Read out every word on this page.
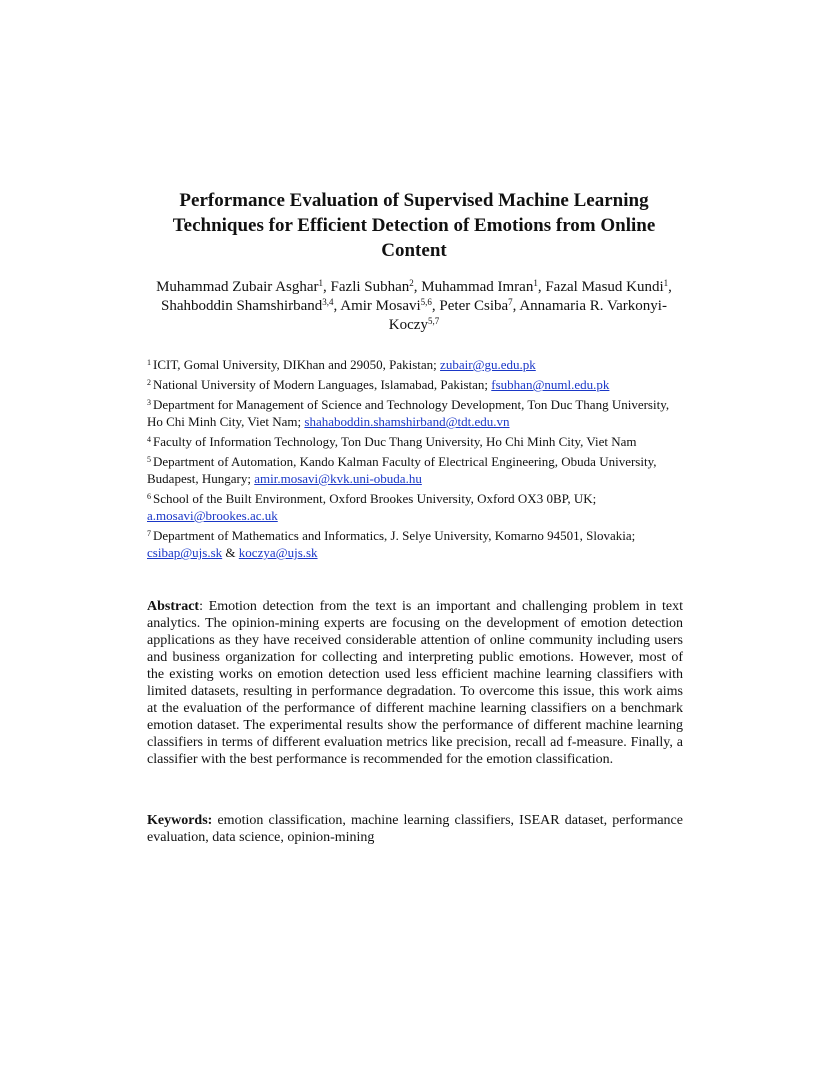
Performance Evaluation of Supervised Machine Learning Techniques for Efficient Detection of Emotions from Online Content
Muhammad Zubair Asghar$^1$, Fazli Subhan$^2$, Muhammad Imran$^1$, Fazal Masud Kundi$^1$, Shahboddin Shamshirband$^{3,4}$, Amir Mosavi$^{5,6}$, Peter Csiba$^7$, Annamaria R. Varkonyi-Koczy$^{5,7}$
$^1$ ICIT, Gomal University, DIKhan and 29050, Pakistan; zubair@gu.edu.pk
$^2$ National University of Modern Languages, Islamabad, Pakistan; fsubhan@numl.edu.pk
$^3$ Department for Management of Science and Technology Development, Ton Duc Thang University, Ho Chi Minh City, Viet Nam; shahaboddin.shamshirband@tdt.edu.vn
$^4$ Faculty of Information Technology, Ton Duc Thang University, Ho Chi Minh City, Viet Nam
$^5$ Department of Automation, Kando Kalman Faculty of Electrical Engineering, Obuda University, Budapest, Hungary; amir.mosavi@kvk.uni-obuda.hu
$^6$ School of the Built Environment, Oxford Brookes University, Oxford OX3 0BP, UK; a.mosavi@brookes.ac.uk
$^7$ Department of Mathematics and Informatics, J. Selye University, Komarno 94501, Slovakia; csibap@ujs.sk & koczya@ujs.sk
Abstract: Emotion detection from the text is an important and challenging problem in text analytics. The opinion-mining experts are focusing on the development of emotion detection applications as they have received considerable attention of online community including users and business organization for collecting and interpreting public emotions. However, most of the existing works on emotion detection used less efficient machine learning classifiers with limited datasets, resulting in performance degradation. To overcome this issue, this work aims at the evaluation of the performance of different machine learning classifiers on a benchmark emotion dataset. The experimental results show the performance of different machine learning classifiers in terms of different evaluation metrics like precision, recall ad f-measure. Finally, a classifier with the best performance is recommended for the emotion classification.
Keywords: emotion classification, machine learning classifiers, ISEAR dataset, performance evaluation, data science, opinion-mining
